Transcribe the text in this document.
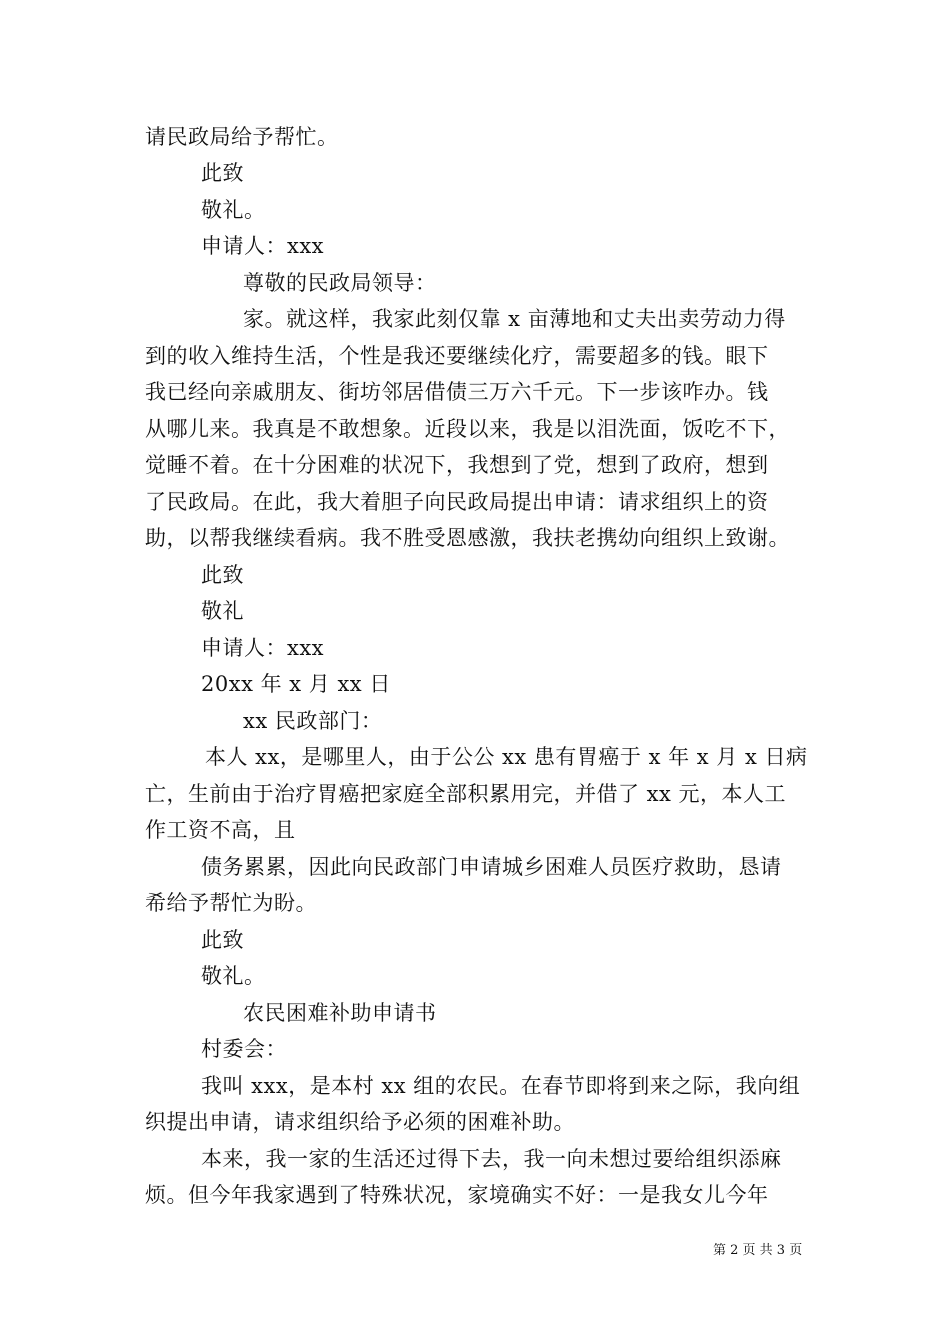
请民政局给予帮忙。
此致
敬礼。
申请人：xxx
尊敬的民政局领导：
家。就这样，我家此刻仅靠 x 亩薄地和丈夫出卖劳动力得
到的收入维持生活，个性是我还要继续化疗，需要超多的钱。眼下
我已经向亲戚朋友、街坊邻居借债三万六千元。下一步该咋办。钱
从哪儿来。我真是不敢想象。近段以来，我是以泪洗面，饭吃不下，
觉睡不着。在十分困难的状况下，我想到了党，想到了政府，想到
了民政局。在此，我大着胆子向民政局提出申请：请求组织上的资
助，以帮我继续看病。我不胜受恩感激，我扶老携幼向组织上致谢。
此致
敬礼
申请人：xxx
20xx 年 x 月 xx 日
xx 民政部门：
本人 xx，是哪里人，由于公公 xx 患有胃癌于 x 年 x 月 x 日病
亡，生前由于治疗胃癌把家庭全部积累用完，并借了 xx 元，本人工
作工资不高，且
债务累累，因此向民政部门申请城乡困难人员医疗救助，恳请
希给予帮忙为盼。
此致
敬礼。
农民困难补助申请书
村委会：
我叫 xxx，是本村 xx 组的农民。在春节即将到来之际，我向组
织提出申请，请求组织给予必须的困难补助。
本来，我一家的生活还过得下去，我一向未想过要给组织添麻
烦。但今年我家遇到了特殊状况，家境确实不好：一是我女儿今年
第 2 页 共 3 页
